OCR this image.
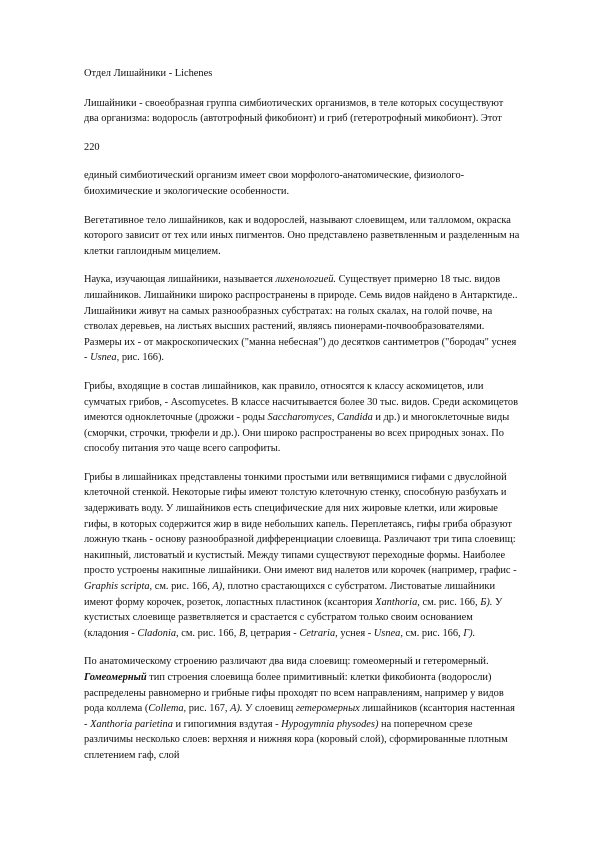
Отдел Лишайники - Lichenes

Лишайники - своеобразная группа симбиотических организмов, в теле которых сосуществуют два организма: водоросль (автотрофный фикобионт) и гриб (гетеротрофный микобионт). Этот

220

единый симбиотический организм имеет свои морфолого-анатомические, физиолого-биохимические и экологические особенности.

Вегетативное тело лишайников, как и водорослей, называют слоевищем, или талломом, окраска которого зависит от тех или иных пигментов. Оно представлено разветвленным и разделенным на клетки гаплоидным мицелием.

Наука, изучающая лишайники, называется лихенологией. Существует примерно 18 тыс. видов лишайников. Лишайники широко распространены в природе. Семь видов найдено в Антарктиде.. Лишайники живут на самых разнообразных субстратах: на голых скалах, на голой почве, на стволах деревьев, на листьях высших растений, являясь пионерами-почвообразователями. Размеры их - от макроскопических ("манна небесная") до десятков сантиметров ("бородач" уснея - Usnea, рис. 166).

Грибы, входящие в состав лишайников, как правило, относятся к классу аскомицетов, или сумчатых грибов, - Ascomycetes. В классе насчитывается более 30 тыс. видов. Среди аскомицетов имеются одноклеточные (дрожжи - роды Saccharomyces, Candida и др.) и многоклеточные виды (сморчки, строчки, трюфели и др.). Они широко распространены во всех природных зонах. По способу питания это чаще всего сапрофиты.

Грибы в лишайниках представлены тонкими простыми или ветвящимися гифами с двуслойной клеточной стенкой. Некоторые гифы имеют толстую клеточную стенку, способную разбухать и задерживать воду. У лишайников есть специфические для них жировые клетки, или жировые гифы, в которых содержится жир в виде небольших капель. Переплетаясь, гифы гриба образуют ложную ткань - основу разнообразной дифференциации слоевища. Различают три типа слоевищ: накипный, листоватый и кустистый. Между типами существуют переходные формы. Наиболее просто устроены накипные лишайники. Они имеют вид налетов или корочек (например, графис - Graphis scripta, см. рис. 166, А), плотно срастающихся с субстратом. Листоватые лишайники имеют форму корочек, розеток, лопастных пластинок (ксантория Xanthoria, см. рис. 166, Б). У кустистых слоевище разветвляется и срастается с субстратом только своим основанием (кладония - Cladonia, см. рис. 166, В, цетрария - Cetraria, уснея - Usnea, см. рис. 166, Г).

По анатомическому строению различают два вида слоевищ: гомеомерный и гетеромерный. Гомеомерный тип строения слоевища более примитивный: клетки фикобионта (водоросли) распределены равномерно и грибные гифы проходят по всем направлениям, например у видов рода коллема (Collema, рис. 167, А). У слоевищ гетеромерных лишайников (ксантория настенная - Xanthoria parietina и гипогимния вздутая - Hypogymnia physodes) на поперечном срезе различимы несколько слоев: верхняя и нижняя кора (коровый слой), сформированные плотным сплетением гаф, слой
